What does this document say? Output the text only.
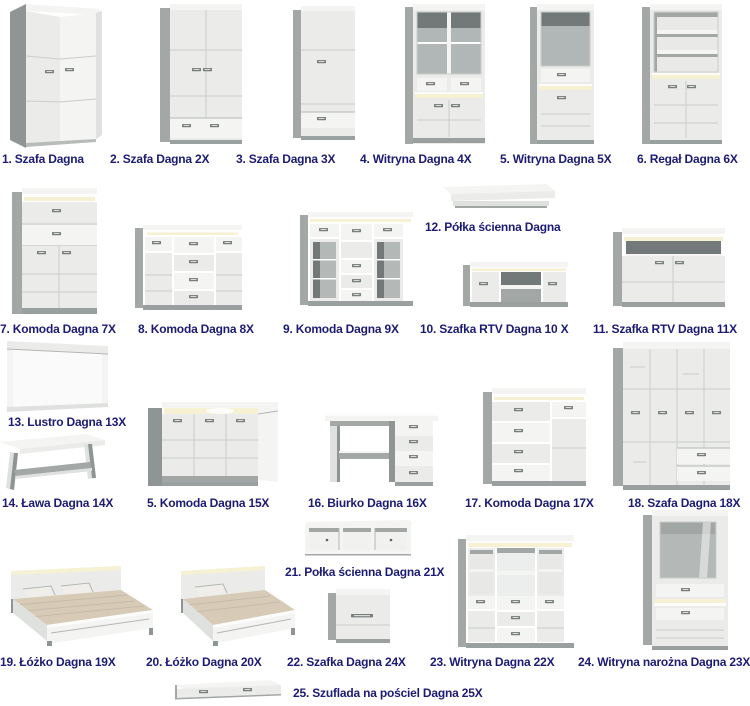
1. Szafa Dagna 2. Szafa Dagna 2X 3. Szafa Dagna 3X 4. Witryna Dagna 4X 5. Witryna Dagna 5X 6. Regał Dagna 6X
7. Komoda Dagna 7X 8. Komoda Dagna 8X 9. Komoda Dagna 9X 10. Szafka RTV Dagna 10 X 11. Szafka RTV Dagna 11X
12. Półka ścienna Dagna
13. Lustro Dagna 13X
14. Ława Dagna 14X	5. Komoda Dagna 15X	16. Biurko Dagna 16X	17. Komoda Dagna 17X	18. Szafa Dagna 18X
19. Łóżko Dagna 19X	20. Łóżko Dagna 20X
21. Połka ścienna Dagna 21X
22. Szafka Dagna 24X 23. Witryna Dagna 22X 24. Witryna narożna Dagna 23X
25. Szuflada na pościel Dagna 25X
